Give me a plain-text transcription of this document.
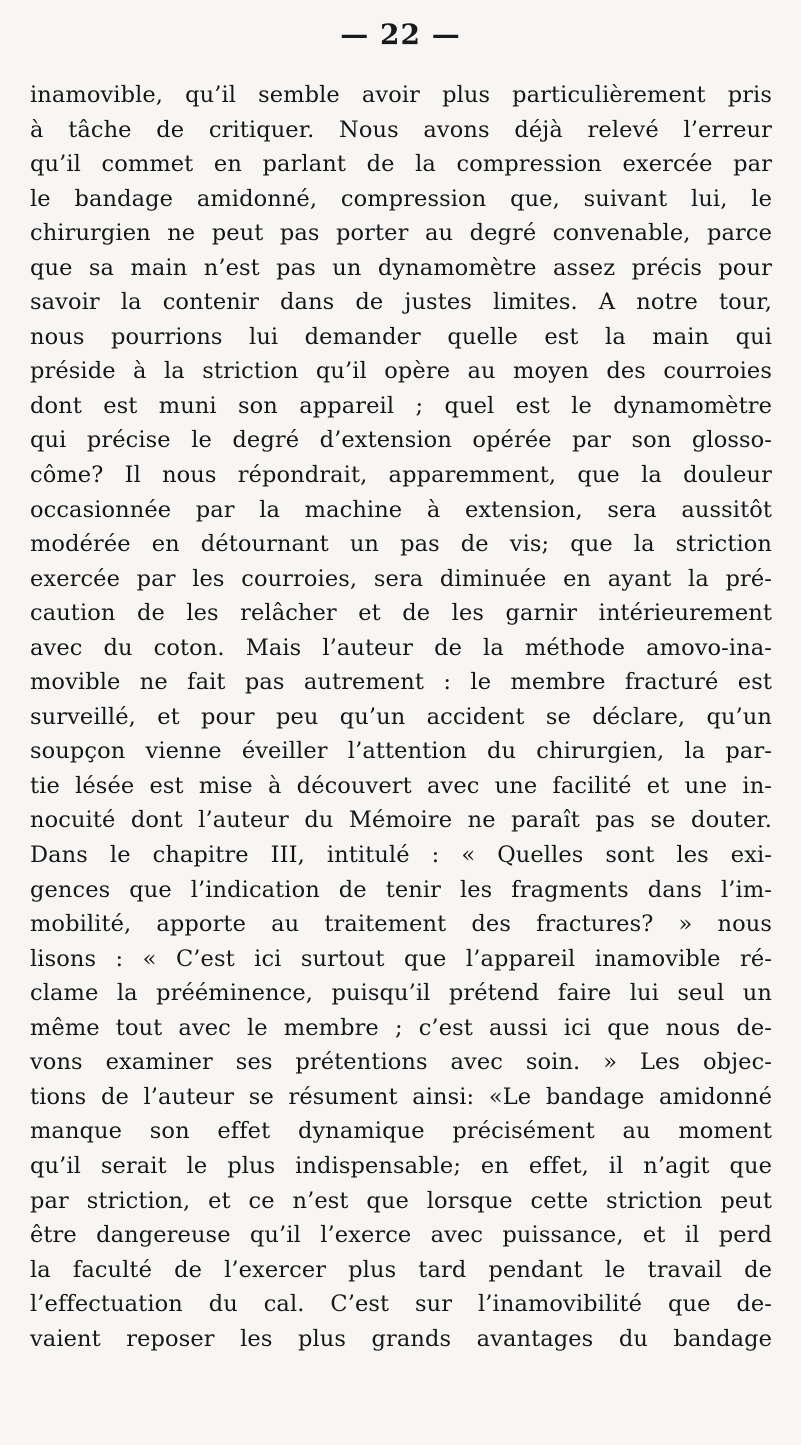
— 22 —
inamovible, qu’il semble avoir plus particulièrement pris
à tâche de critiquer. Nous avons déjà relevé l’erreur
qu’il commet en parlant de la compression exercée par
le bandage amidonné, compression que, suivant lui, le
chirurgien ne peut pas porter au degré convenable, parce
que sa main n’est pas un dynamomètre assez précis pour
savoir la contenir dans de justes limites. A notre tour,
nous pourrions lui demander quelle est la main qui
préside à la striction qu’il opère au moyen des courroies
dont est muni son appareil ; quel est le dynamomètre
qui précise le degré d’extension opérée par son glosso-
côme? Il nous répondrait, apparemment, que la douleur
occasionnée par la machine à extension, sera aussitôt
modérée en détournant un pas de vis; que la striction
exercée par les courroies, sera diminuée en ayant la pré-
caution de les relâcher et de les garnir intérieurement
avec du coton. Mais l’auteur de la méthode amovo-ina-
movible ne fait pas autrement : le membre fracturé est
surveillé, et pour peu qu’un accident se déclare, qu’un
soupçon vienne éveiller l’attention du chirurgien, la par-
tie lésée est mise à découvert avec une facilité et une in-
nocuité dont l’auteur du Mémoire ne paraît pas se douter.
Dans le chapitre III, intitulé : « Quelles sont les exi-
gences que l’indication de tenir les fragments dans l’im-
mobilité, apporte au traitement des fractures? » nous
lisons : « C’est ici surtout que l’appareil inamovible ré-
clame la prééminence, puisqu’il prétend faire lui seul un
même tout avec le membre ; c’est aussi ici que nous de-
vons examiner ses prétentions avec soin. » Les objec-
tions de l’auteur se résument ainsi: «Le bandage amidonné
manque son effet dynamique précisément au moment
qu’il serait le plus indispensable; en effet, il n’agit que
par striction, et ce n’est que lorsque cette striction peut
être dangereuse qu’il l’exerce avec puissance, et il perd
la faculté de l’exercer plus tard pendant le travail de
l’effectuation du cal. C’est sur l’inamovibilité que de-
vaient reposer les plus grands avantages du bandage
